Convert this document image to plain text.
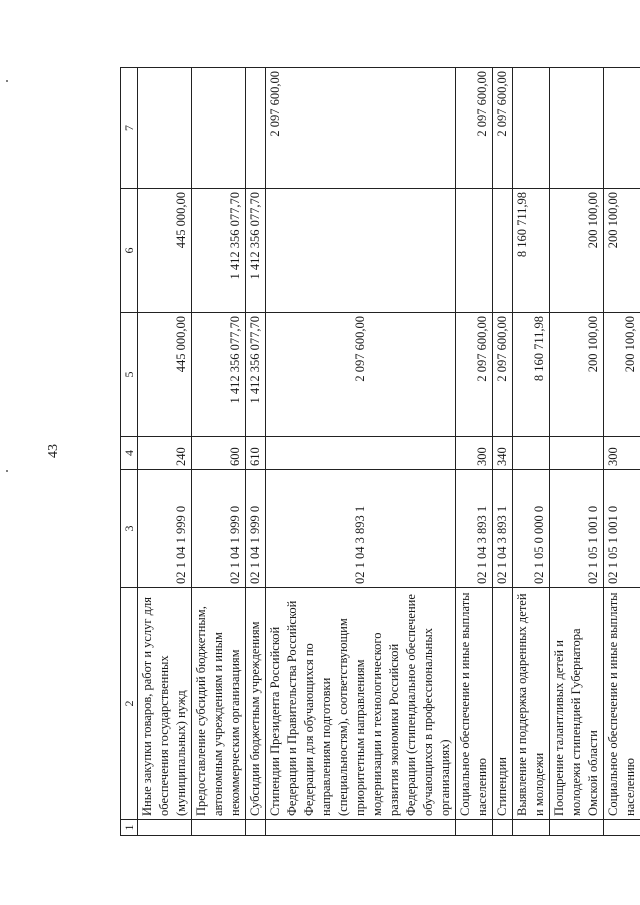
43
1	2	3	4	5	6	7
	Иные закупки товаров, работ и услуг для обеспечения государственных (муниципальных) нужд	02 1 04 1 999 0	240	445 000,00	445 000,00	
	Предоставление субсидий бюджетным, автономным учреждениям и иным некоммерческим организациям	02 1 04 1 999 0	600	1 412 356 077,70	1 412 356 077,70	
	Субсидии бюджетным учреждениям	02 1 04 1 999 0	610	1 412 356 077,70	1 412 356 077,70	
	Стипендии Президента Российской Федерации и Правительства Российской Федерации для обучающихся по направлениям подготовки (специальностям), соответствующим приоритетным направлениям модернизации и технологического развития экономики Российской Федерации (стипендиальное обеспечение обучающихся в профессиональных организациях)	02 1 04 3 893 1		2 097 600,00		2 097 600,00
	Социальное обеспечение и иные выплаты населению	02 1 04 3 893 1	300	2 097 600,00		2 097 600,00
	Стипендии	02 1 04 3 893 1	340	2 097 600,00		2 097 600,00
	Выявление и поддержка одаренных детей и молодежи	02 1 05 0 000 0		8 160 711,98	8 160 711,98	
	Поощрение талантливых детей и молодежи стипендией Губернатора Омской области	02 1 05 1 001 0		200 100,00	200 100,00	
	Социальное обеспечение и иные выплаты населению	02 1 05 1 001 0	300	200 100,00	200 100,00	
